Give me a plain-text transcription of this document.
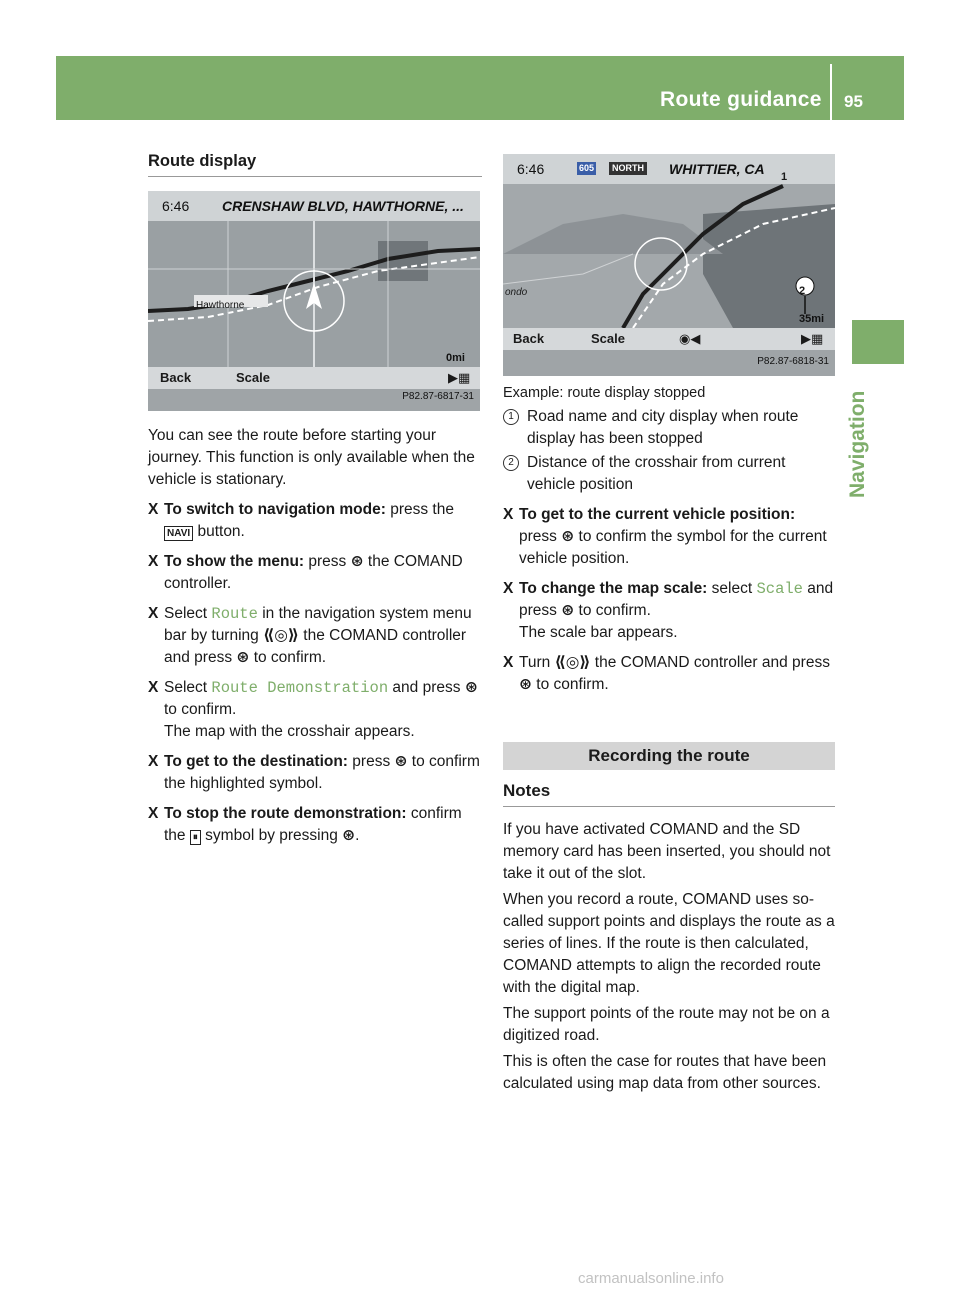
Route guidance 95
Navigation
Route display
6:46 CRENSHAW BLVD, HAWTHORNE, ...
Hawthorne
0mi
Back	Scale	▶▦
P82.87-6817-31

You can see the route before starting your journey. This function is only available when the vehicle is stationary.

X To switch to navigation mode: press the NAVI button.
X To show the menu: press ⊛ the COMAND controller.
X Select Route in the navigation system menu bar by turning ⟪◎⟫ the COMAND controller and press ⊛ to confirm.
X Select Route Demonstration and press ⊛ to confirm.
The map with the crosshair appears.
X To get to the destination: press ⊛ to confirm the highlighted symbol.
X To stop the route demonstration: confirm the ⏸ symbol by pressing ⊛.
6:46	605	NORTH WHITTIER, CA 1
2
ondo
35mi
Back	Scale	◉◀	▶▦
P82.87-6818-31
Example: route display stopped
1 Road name and city display when route display has been stopped
2 Distance of the crosshair from current vehicle position
X To get to the current vehicle position: press ⊛ to confirm the symbol for the current vehicle position.
X To change the map scale: select Scale and press ⊛ to confirm.
The scale bar appears.
X Turn ⟪◎⟫ the COMAND controller and press ⊛ to confirm.
Recording the route
Notes

If you have activated COMAND and the SD memory card has been inserted, you should not take it out of the slot.

When you record a route, COMAND uses so-called support points and displays the route as a series of lines. If the route is then calculated, COMAND attempts to align the recorded route with the digital map.

The support points of the route may not be on a digitized road.

This is often the case for routes that have been calculated using map data from other sources.

carmanualsonline.info
